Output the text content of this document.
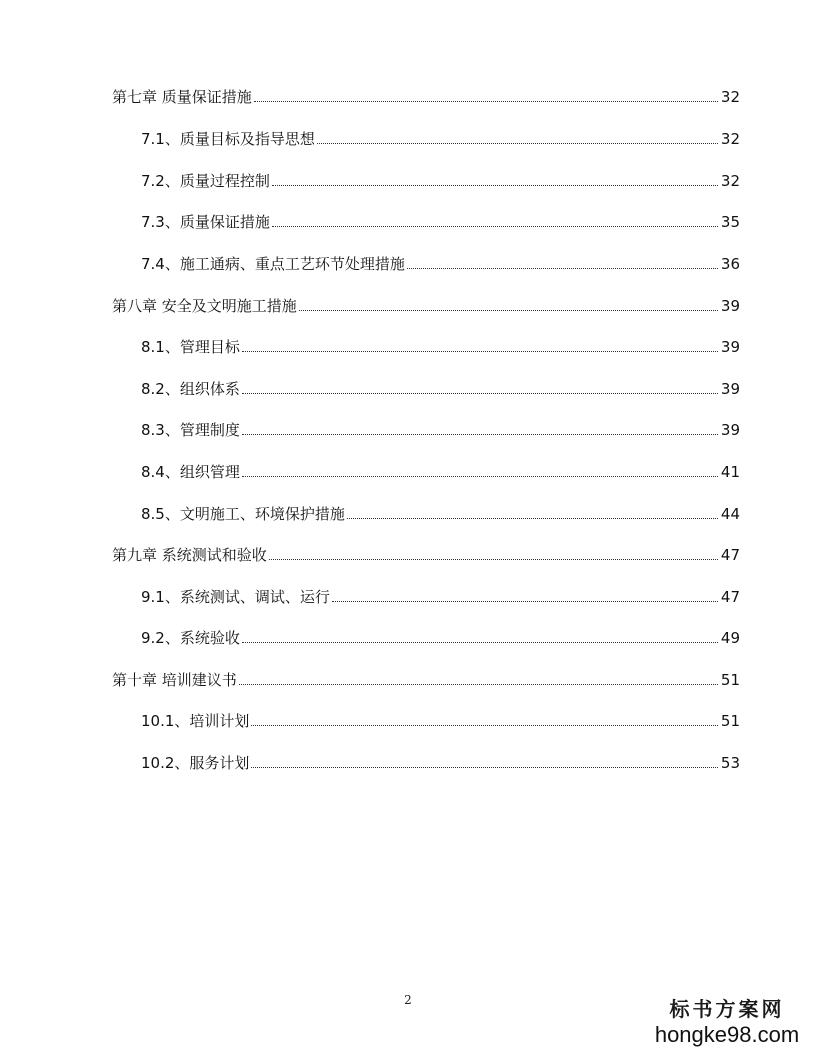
第七章 质量保证措施	32
7.1、质量目标及指导思想	32
7.2、质量过程控制	32
7.3、质量保证措施	35
7.4、施工通病、重点工艺环节处理措施	36
第八章 安全及文明施工措施	39
8.1、管理目标	39
8.2、组织体系	39
8.3、管理制度	39
8.4、组织管理	41
8.5、文明施工、环境保护措施	44
第九章 系统测试和验收	47
9.1、系统测试、调试、运行	47
9.2、系统验收	49
第十章 培训建议书	51
10.1、培训计划	51
10.2、服务计划	53
2	标书方案网
hongke98.com
